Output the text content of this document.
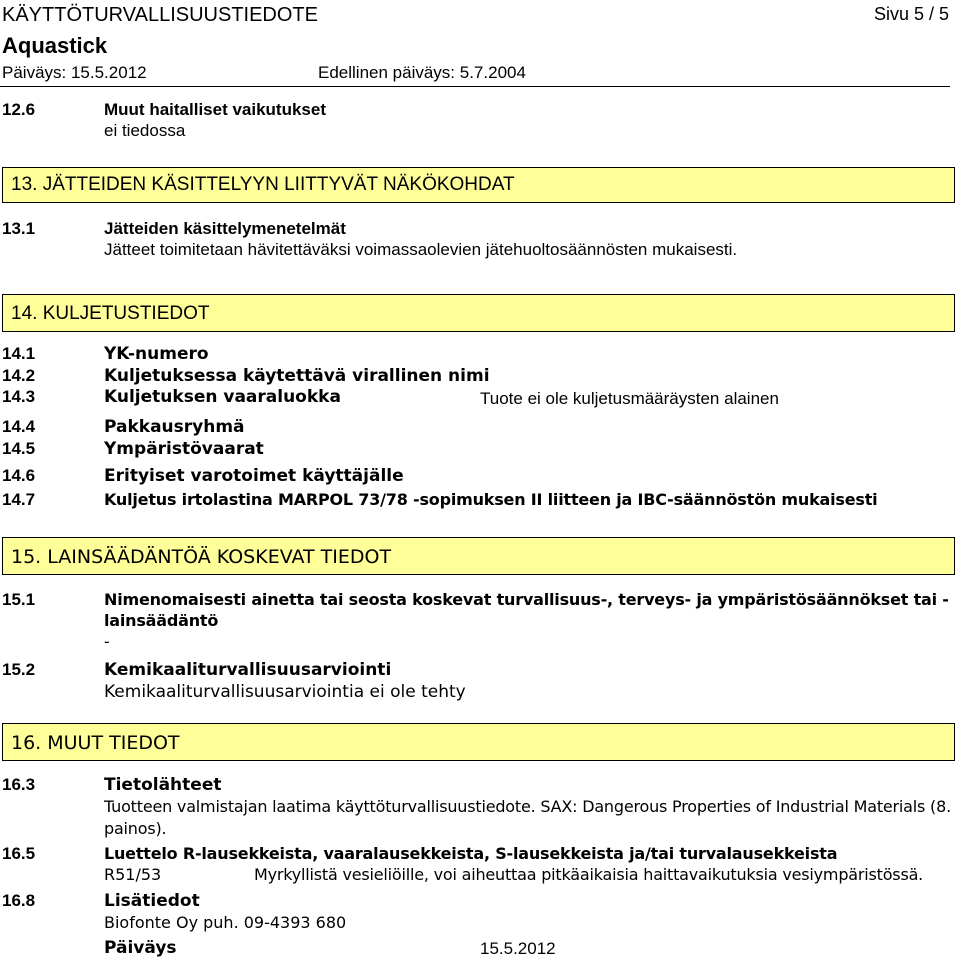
KÄYTTÖTURVALLISUUSTIEDOTE	Sivu 5 / 5
Aquastick
Päiväys: 15.5.2012	Edellinen päiväys: 5.7.2004
12.6	Muut haitalliset vaikutukset
ei tiedossa
13. JÄTTEIDEN KÄSITTELYYN LIITTYVÄT NÄKÖKOHDAT
13.1	Jätteiden käsittelymenetelmät
Jätteet toimitetaan hävitettäväksi voimassaolevien jätehuoltosäännösten mukaisesti.
14. KULJETUSTIEDOT
14.1	YK-numero
14.2	Kuljetuksessa käytettävä virallinen nimi
14.3	Kuljetuksen vaaraluokka	Tuote ei ole kuljetusmääräysten alainen
14.4	Pakkausryhmä
14.5	Ympäristövaarat
14.6	Erityiset varotoimet käyttäjälle
14.7	Kuljetus irtolastina MARPOL 73/78 -sopimuksen II liitteen ja IBC-säännöstön mukaisesti
15. LAINSÄÄDÄNTÖÄ KOSKEVAT TIEDOT
15.1	Nimenomaisesti ainetta tai seosta koskevat turvallisuus-, terveys- ja ympäristösäännökset tai -
lainsäädäntö
-
15.2	Kemikaaliturvallisuusarviointi
Kemikaaliturvallisuusarviointia ei ole tehty
16. MUUT TIEDOT
16.3	Tietolähteet
Tuotteen valmistajan laatima käyttöturvallisuustiedote. SAX: Dangerous Properties of Industrial Materials (8.
painos).
16.5	Luettelo R-lausekkeista, vaaralausekkeista, S-lausekkeista ja/tai turvalausekkeista
R51/53	Myrkyllistä vesieliöille, voi aiheuttaa pitkäaikaisia haittavaikutuksia vesiympäristössä.
16.8	Lisätiedot
Biofonte Oy puh. 09-4393 680
Päiväys	15.5.2012
